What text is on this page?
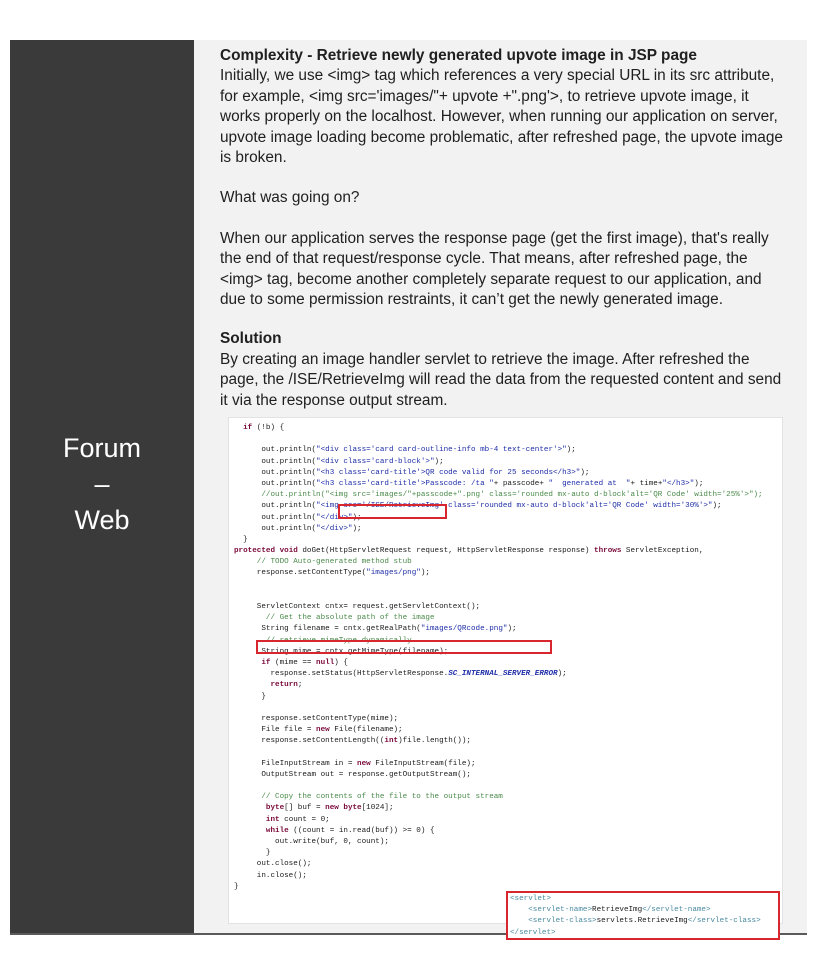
Forum
–
Web

Complexity - Retrieve newly generated upvote image in JSP page

Initially, we use <img> tag which references a very special URL in its src attribute, for example, <img src='images/"+ upvote +".png'>, to retrieve upvote image, it works properly on the localhost. However, when running our application on server, upvote image loading become problematic, after refreshed page, the upvote image is broken.

What was going on?

When our application serves the response page (get the first image), that's really the end of that request/response cycle. That means, after refreshed page, the <img> tag, become another completely separate request to our application, and due to some permission restraints, it can’t get the newly generated image.

Solution

By creating an image handler servlet to retrieve the image. After refreshed the page, the /ISE/RetrieveImg will read the data from the requested content and send it via the response output stream.

if (!b) {
out.println("<div class='card card-outline-info mb-4 text-center'>");
out.println("<div class='card-block'>");
out.println("<h3 class='card-title'>QR code valid for 25 seconds</h3>");
out.println("<h3 class='card-title'>Passcode: /ta "+ passcode+ "  generated at  "+ time+"</h3>");
//out.println("<img src='images/"+passcode+".png' class='rounded mx-auto d-block'alt='QR Code' width='25%'>");
out.println("<img src='/ISE/RetrieveImg' class='rounded mx-auto d-block'alt='QR Code' width='30%'>");
out.println("</div>");
out.println("</div>");
}
protected void doGet(HttpServletRequest request, HttpServletResponse response) throws ServletException,
// TODO Auto-generated method stub
response.setContentType("images/png");
ServletContext cntx= request.getServletContext();
// Get the absolute path of the image
String filename = cntx.getRealPath("images/QRcode.png");
// retrieve mimeType dynamically
String mime = cntx.getMimeType(filename);
if (mime == null) {
response.setStatus(HttpServletResponse.SC_INTERNAL_SERVER_ERROR);
return;
}
response.setContentType(mime);
File file = new File(filename);
response.setContentLength((int)file.length());
FileInputStream in = new FileInputStream(file);
OutputStream out = response.getOutputStream();
// Copy the contents of the file to the output stream
byte[] buf = new byte[1024];
int count = 0;
while ((count = in.read(buf)) >= 0) {
out.write(buf, 0, count);
}
out.close();
in.close();
}
<servlet>
<servlet-name>RetrieveImg</servlet-name>
<servlet-class>servlets.RetrieveImg</servlet-class>
</servlet>
